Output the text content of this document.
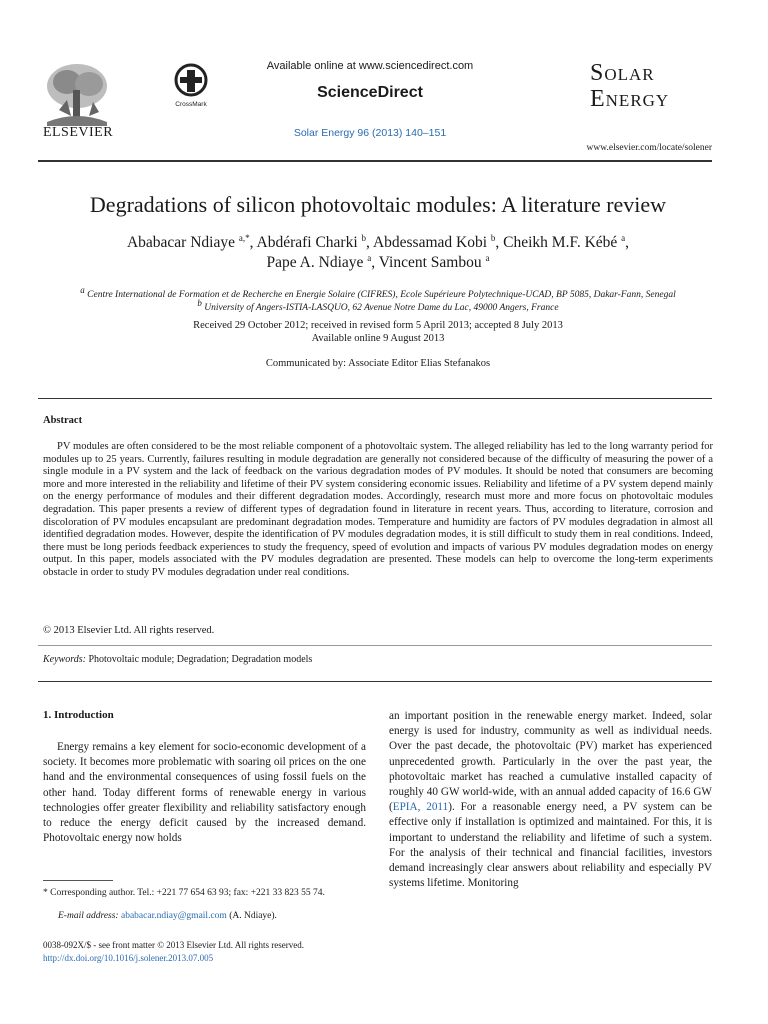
ELSEVIER
CrossMark
Available online at www.sciencedirect.com
ScienceDirect
Solar Energy 96 (2013) 140–151
Solar
Energy
www.elsevier.com/locate/solener
Degradations of silicon photovoltaic modules: A literature review
Ababacar Ndiaye $^{a,*}$, Abdérafi Charki $^b$, Abdessamad Kobi $^b$, Cheikh M.F. Kébé $^a$,
Pape A. Ndiaye $^a$, Vincent Sambou $^a$
$^a$ Centre International de Formation et de Recherche en Energie Solaire (CIFRES), Ecole Supérieure Polytechnique-UCAD, BP 5085, Dakar-Fann, Senegal
$^b$ University of Angers-ISTIA-LASQUO, 62 Avenue Notre Dame du Lac, 49000 Angers, France
Received 29 October 2012; received in revised form 5 April 2013; accepted 8 July 2013
Available online 9 August 2013
Communicated by: Associate Editor Elias Stefanakos
Abstract
PV modules are often considered to be the most reliable component of a photovoltaic system. The alleged reliability has led to the long warranty period for modules up to 25 years. Currently, failures resulting in module degradation are generally not considered because of the difficulty of measuring the power of a single module in a PV system and the lack of feedback on the various degradation modes of PV modules. It should be noted that consumers are becoming more and more interested in the reliability and lifetime of their PV system considering economic issues. Reliability and lifetime of a PV system depend mainly on the energy performance of modules and their different degradation modes. Accordingly, research must more and more focus on photovoltaic modules degradation. This paper presents a review of different types of degradation found in literature in recent years. Thus, according to literature, corrosion and discoloration of PV modules encapsulant are predominant degradation modes. Temperature and humidity are factors of PV modules degradation in almost all identified degradation modes. However, despite the identification of PV modules degradation modes, it is still difficult to study them in real conditions. Indeed, there must be long periods feedback experiences to study the frequency, speed of evolution and impacts of various PV modules degradation modes on energy output. In this paper, models associated with the PV modules degradation are presented. These models can help to overcome the long-term experiments obstacle in order to study PV modules degradation under real conditions.
© 2013 Elsevier Ltd. All rights reserved.
Keywords: Photovoltaic module; Degradation; Degradation models
1. Introduction
Energy remains a key element for socio-economic development of a society. It becomes more problematic with soaring oil prices on the one hand and the environmental consequences of using fossil fuels on the other hand. Today different forms of renewable energy in various technologies offer greater flexibility and reliability satisfactory enough to reduce the energy deficit caused by the increased demand. Photovoltaic energy now holds
an important position in the renewable energy market. Indeed, solar energy is used for industry, community as well as individual needs. Over the past decade, the photovoltaic (PV) market has experienced unprecedented growth. Particularly in the over the past year, the photovoltaic market has reached a cumulative installed capacity of roughly 40 GW world-wide, with an annual added capacity of 16.6 GW (EPIA, 2011). For a reasonable energy need, a PV system can be effective only if installation is optimized and maintained. For this, it is important to understand the reliability and lifetime of such a system. For the analysis of their technical and financial facilities, investors demand increasingly clear answers about reliability and especially PV systems lifetime. Monitoring
* Corresponding author. Tel.: +221 77 654 63 93; fax: +221 33 823 55 74.
E-mail address: ababacar.ndiay@gmail.com (A. Ndiaye).
0038-092X/$ - see front matter © 2013 Elsevier Ltd. All rights reserved.
http://dx.doi.org/10.1016/j.solener.2013.07.005
